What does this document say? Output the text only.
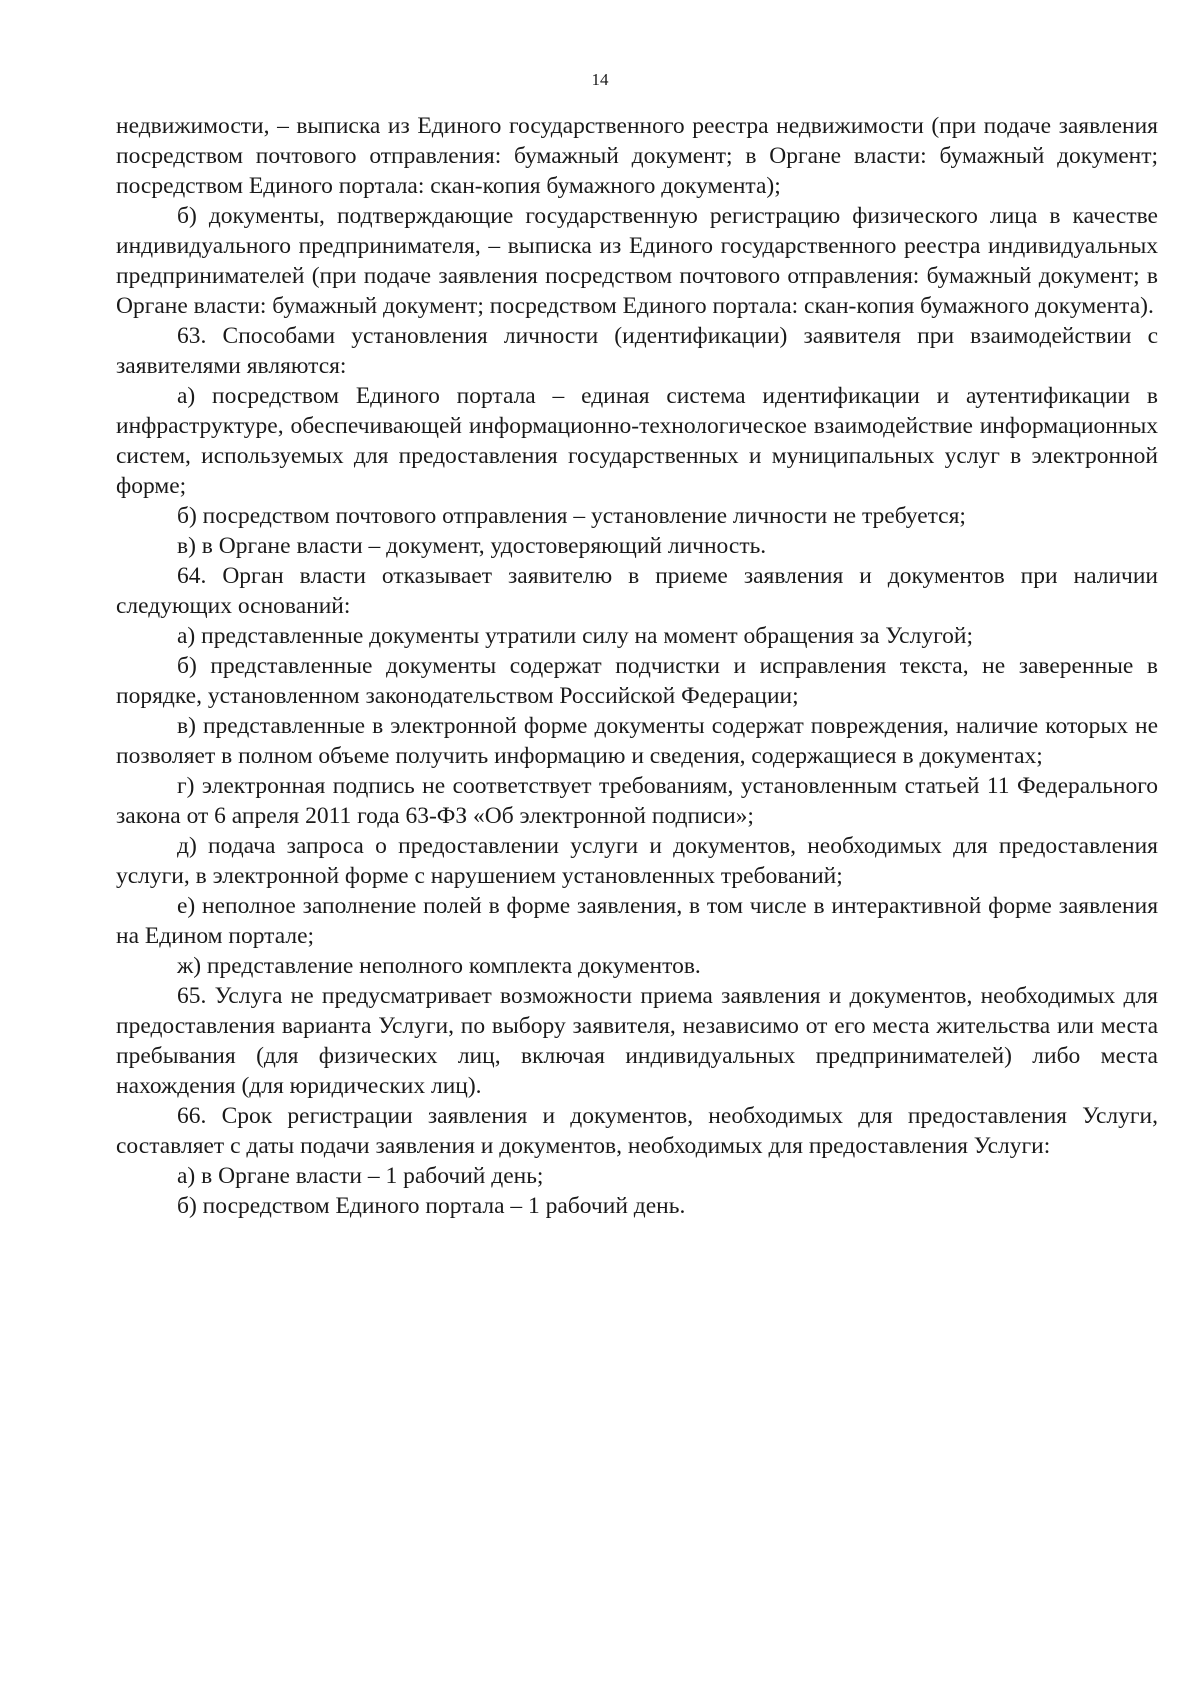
14

недвижимости, – выписка из Единого государственного реестра недвижимости (при подаче заявления посредством почтового отправления: бумажный документ; в Органе власти: бумажный документ; посредством Единого портала: скан-копия бумажного документа);

б) документы, подтверждающие государственную регистрацию физического лица в качестве индивидуального предпринимателя, – выписка из Единого государственного реестра индивидуальных предпринимателей (при подаче заявления посредством почтового отправления: бумажный документ; в Органе власти: бумажный документ; посредством Единого портала: скан-копия бумажного документа).

63. Способами установления личности (идентификации) заявителя при взаимодействии с заявителями являются:

а) посредством Единого портала – единая система идентификации и аутентификации в инфраструктуре, обеспечивающей информационно-технологическое взаимодействие информационных систем, используемых для предоставления государственных и муниципальных услуг в электронной форме;

б) посредством почтового отправления – установление личности не требуется;

в) в Органе власти – документ, удостоверяющий личность.

64. Орган власти отказывает заявителю в приеме заявления и документов при наличии следующих оснований:

а) представленные документы утратили силу на момент обращения за Услугой;

б) представленные документы содержат подчистки и исправления текста, не заверенные в порядке, установленном законодательством Российской Федерации;

в) представленные в электронной форме документы содержат повреждения, наличие которых не позволяет в полном объеме получить информацию и сведения, содержащиеся в документах;

г) электронная подпись не соответствует требованиям, установленным статьей 11 Федерального закона от 6 апреля 2011 года 63-ФЗ «Об электронной подписи»;

д) подача запроса о предоставлении услуги и документов, необходимых для предоставления услуги, в электронной форме с нарушением установленных требований;

е) неполное заполнение полей в форме заявления, в том числе в интерактивной форме заявления на Едином портале;

ж) представление неполного комплекта документов.

65. Услуга не предусматривает возможности приема заявления и документов, необходимых для предоставления варианта Услуги, по выбору заявителя, независимо от его места жительства или места пребывания (для физических лиц, включая индивидуальных предпринимателей) либо места нахождения (для юридических лиц).

66. Срок регистрации заявления и документов, необходимых для предоставления Услуги, составляет с даты подачи заявления и документов, необходимых для предоставления Услуги:

а) в Органе власти – 1 рабочий день;

б) посредством Единого портала – 1 рабочий день.
